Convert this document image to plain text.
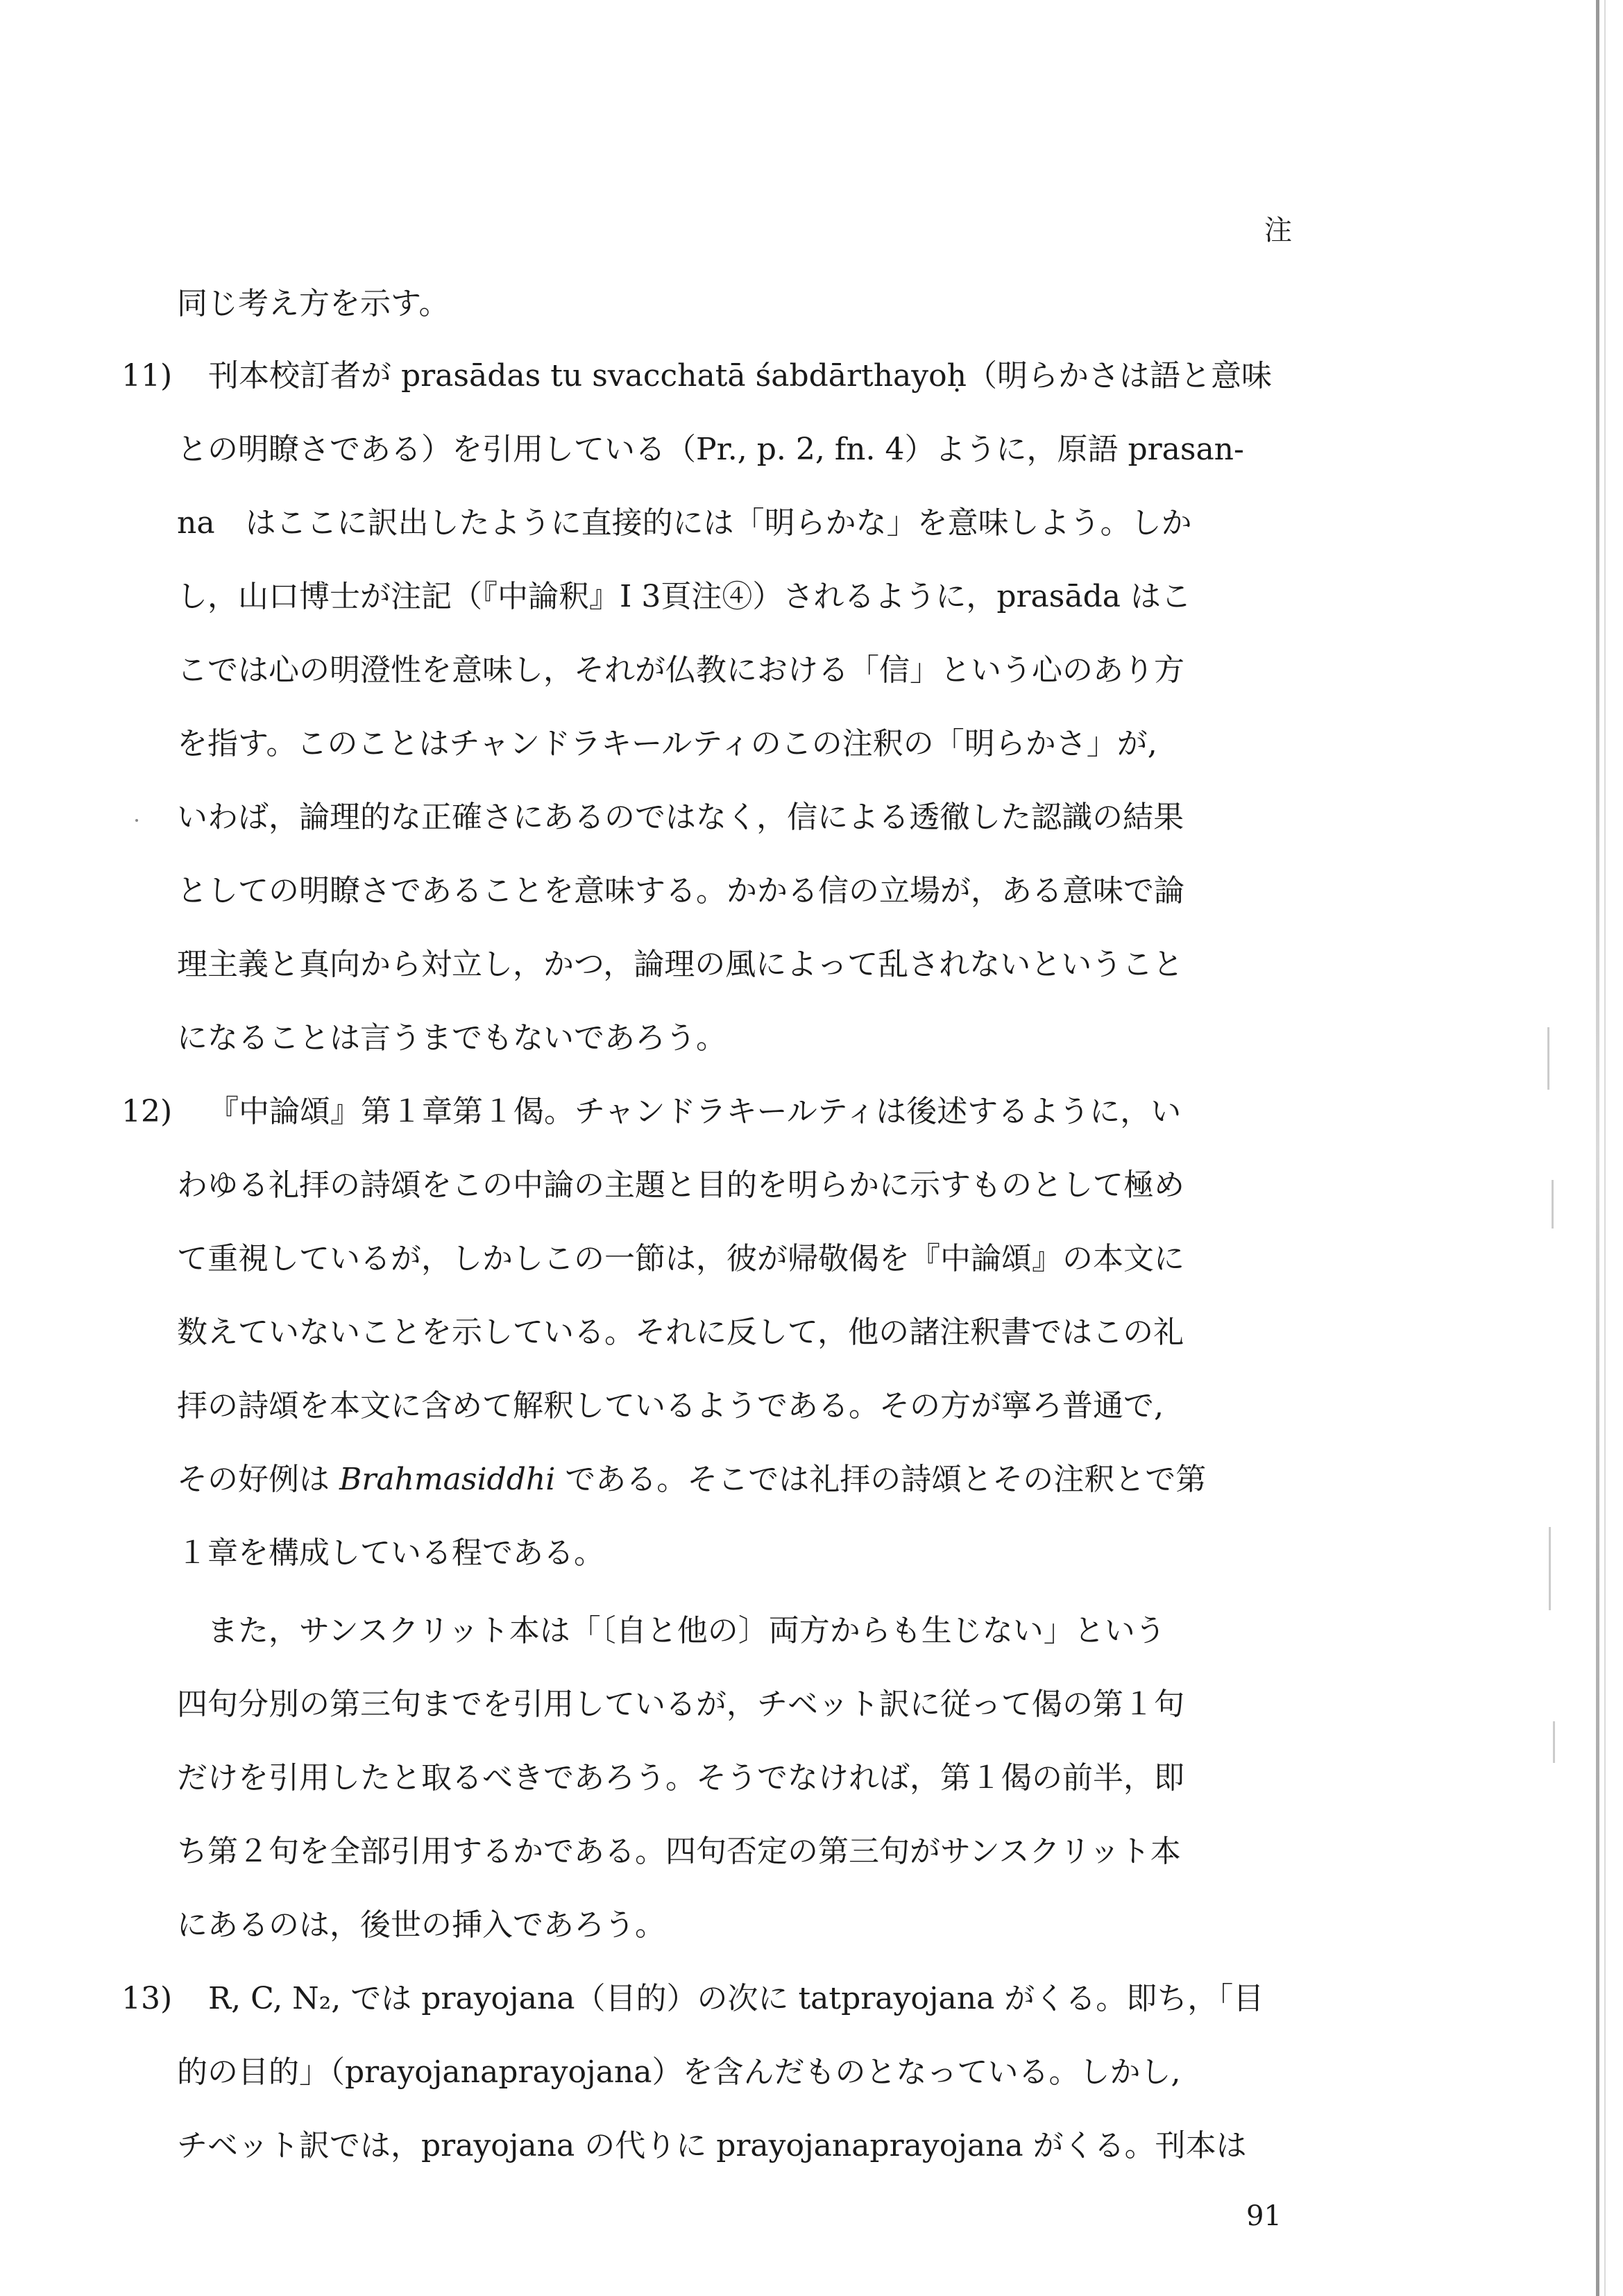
注
同じ考え方を示す。
11) 刊本校訂者が prasādas tu svacchatā śabdārthayoḥ（明らかさは語と意味
との明瞭さである）を引用している（Pr., p. 2, fn. 4）ように，原語 prasan-
na　はここに訳出したように直接的には「明らかな」を意味しよう。しか
し，山口博士が注記（『中論釈』I 3頁注④）されるように，prasāda はこ
こでは心の明澄性を意味し，それが仏教における「信」という心のあり方
を指す。このことはチャンドラキールティのこの注釈の「明らかさ」が,
いわば，論理的な正確さにあるのではなく，信による透徹した認識の結果
としての明瞭さであることを意味する。かかる信の立場が，ある意味で論
理主義と真向から対立し，かつ，論理の風によって乱されないということ
になることは言うまでもないであろう。
12) 『中論頌』第１章第１偈。チャンドラキールティは後述するように，い
わゆる礼拝の詩頌をこの中論の主題と目的を明らかに示すものとして極め
て重視しているが，しかしこの一節は，彼が帰敬偈を『中論頌』の本文に
数えていないことを示している。それに反して，他の諸注釈書ではこの礼
拝の詩頌を本文に含めて解釈しているようである。その方が寧ろ普通で,
その好例は Brahmasiddhi である。そこでは礼拝の詩頌とその注釈とで第
１章を構成している程である。
　また，サンスクリット本は「〔自と他の〕両方からも生じない」という
四句分別の第三句までを引用しているが，チベット訳に従って偈の第１句
だけを引用したと取るべきであろう。そうでなければ，第１偈の前半，即
ち第２句を全部引用するかである。四句否定の第三句がサンスクリット本
にあるのは，後世の挿入であろう。
13) R, C, N₂, では prayojana（目的）の次に tatprayojana がくる。即ち，「目
的の目的」（prayojanaprayojana）を含んだものとなっている。しかし,
チベット訳では，prayojana の代りに prayojanaprayojana がくる。刊本は
91
